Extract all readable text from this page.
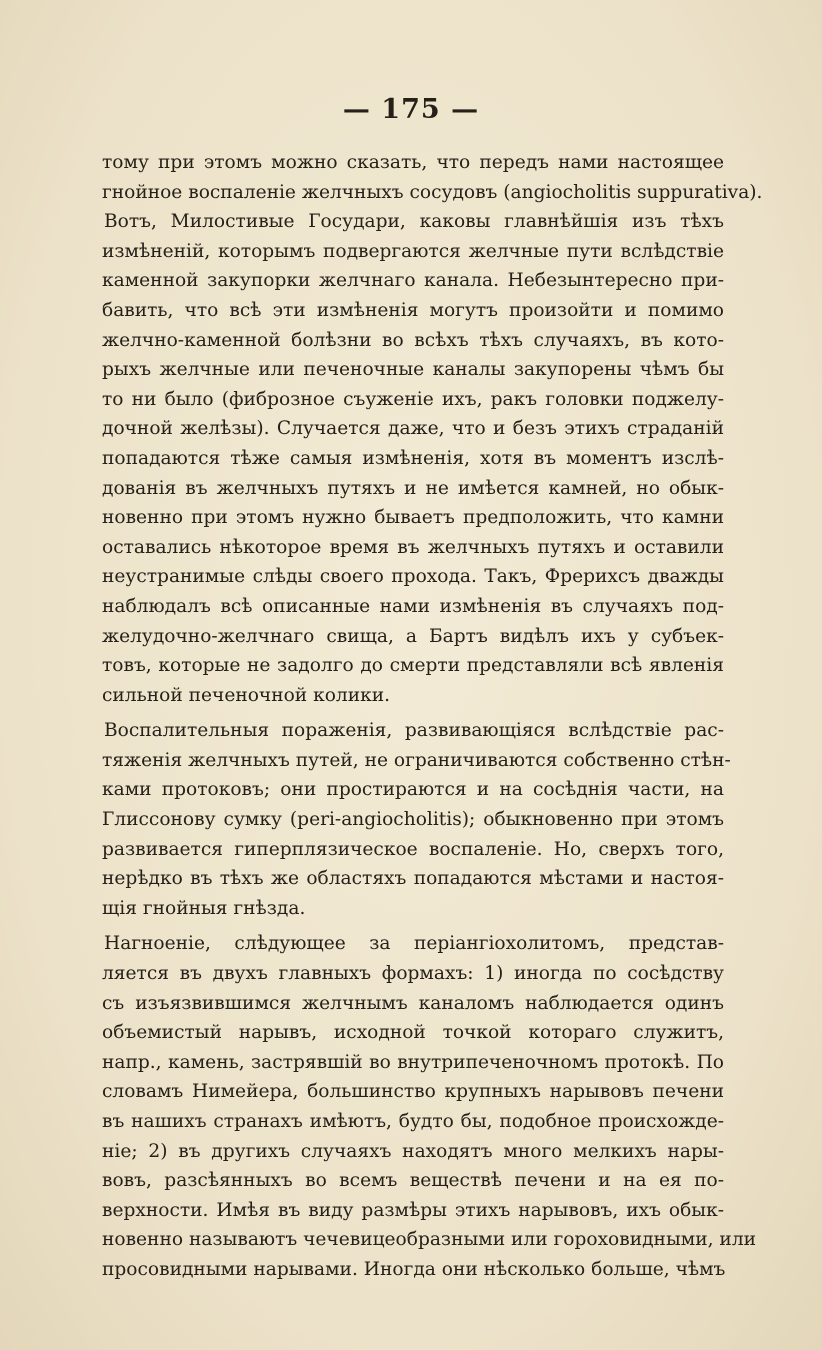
— 175 —
тому при этомъ можно сказать, что передъ нами настоящее
гнойное воспаленіе желчныхъ сосудовъ (angiocholitis suppurativa).
Вотъ, Милостивые Государи, каковы главнѣйшія изъ тѣхъ
измѣненій, которымъ подвергаются желчные пути вслѣдствіе
каменной закупорки желчнаго канала. Небезынтересно при-
бавить, что всѣ эти измѣненія могутъ произойти и помимо
желчно-каменной болѣзни во всѣхъ тѣхъ случаяхъ, въ кото-
рыхъ желчные или печеночные каналы закупорены чѣмъ бы
то ни было (фиброзное съуженіе ихъ, ракъ головки поджелу-
дочной желѣзы). Случается даже, что и безъ этихъ страданій
попадаются тѣже самыя измѣненія, хотя въ моментъ изслѣ-
дованія въ желчныхъ путяхъ и не имѣется камней, но обык-
новенно при этомъ нужно бываетъ предположить, что камни
оставались нѣкоторое время въ желчныхъ путяхъ и оставили
неустранимые слѣды своего прохода. Такъ, Фрерихсъ дважды
наблюдалъ всѣ описанные нами измѣненія въ случаяхъ под-
желудочно-желчнаго свища, а Бартъ видѣлъ ихъ у субъек-
товъ, которые не задолго до смерти представляли всѣ явленія
сильной печеночной колики.
Воспалительныя пораженія, развивающіяся вслѣдствіе рас-
тяженія желчныхъ путей, не ограничиваются собственно стѣн-
ками протоковъ; они простираются и на сосѣднія части, на
Глиссонову сумку (peri-angiocholitis); обыкновенно при этомъ
развивается гиперплязическое воспаленіе. Но, сверхъ того,
нерѣдко въ тѣхъ же областяхъ попадаются мѣстами и настоя-
щія гнойныя гнѣзда.
Нагноеніе, слѣдующее за періангіохолитомъ, представ-
ляется въ двухъ главныхъ формахъ: 1) иногда по сосѣдству
съ изъязвившимся желчнымъ каналомъ наблюдается одинъ
объемистый нарывъ, исходной точкой котораго служитъ,
напр., камень, застрявшій во внутрипеченочномъ протокѣ. По
словамъ Нимейера, большинство крупныхъ нарывовъ печени
въ нашихъ странахъ имѣютъ, будто бы, подобное происхожде-
ніе; 2) въ другихъ случаяхъ находятъ много мелкихъ нары-
вовъ, разсѣянныхъ во всемъ веществѣ печени и на ея по-
верхности. Имѣя въ виду размѣры этихъ нарывовъ, ихъ обык-
новенно называютъ чечевицеобразными или гороховидными, или
просовидными нарывами. Иногда они нѣсколько больше, чѣмъ
